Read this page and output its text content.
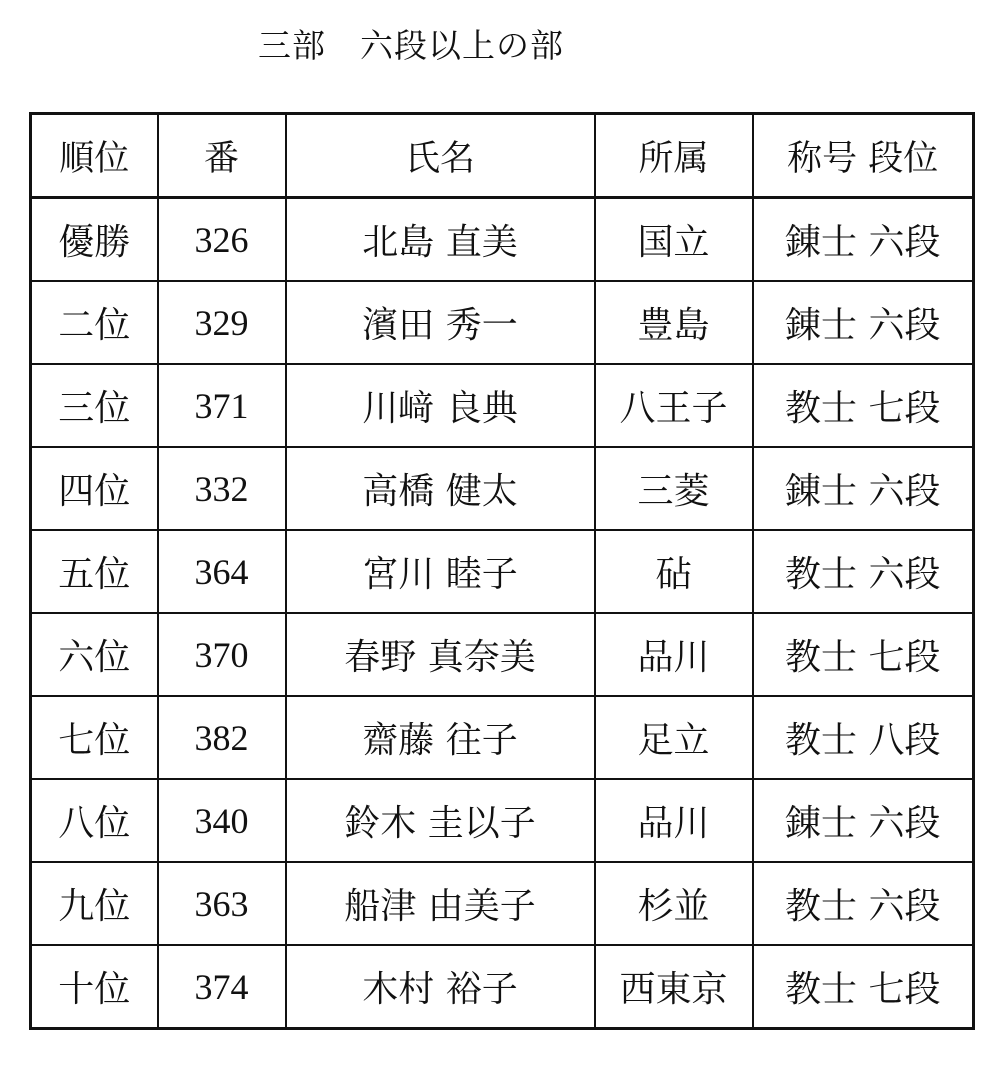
三部　六段以上の部
順位	番	氏名	所属	称号 段位
優勝	326	北島 直美	国立	錬士 六段
二位	329	濱田 秀一	豊島	錬士 六段
三位	371	川﨑 良典	八王子	教士 七段
四位	332	高橋 健太	三菱	錬士 六段
五位	364	宮川 睦子	砧	教士 六段
六位	370	春野 真奈美	品川	教士 七段
七位	382	齋藤 往子	足立	教士 八段
八位	340	鈴木 圭以子	品川	錬士 六段
九位	363	船津 由美子	杉並	教士 六段
十位	374	木村 裕子	西東京	教士 七段
